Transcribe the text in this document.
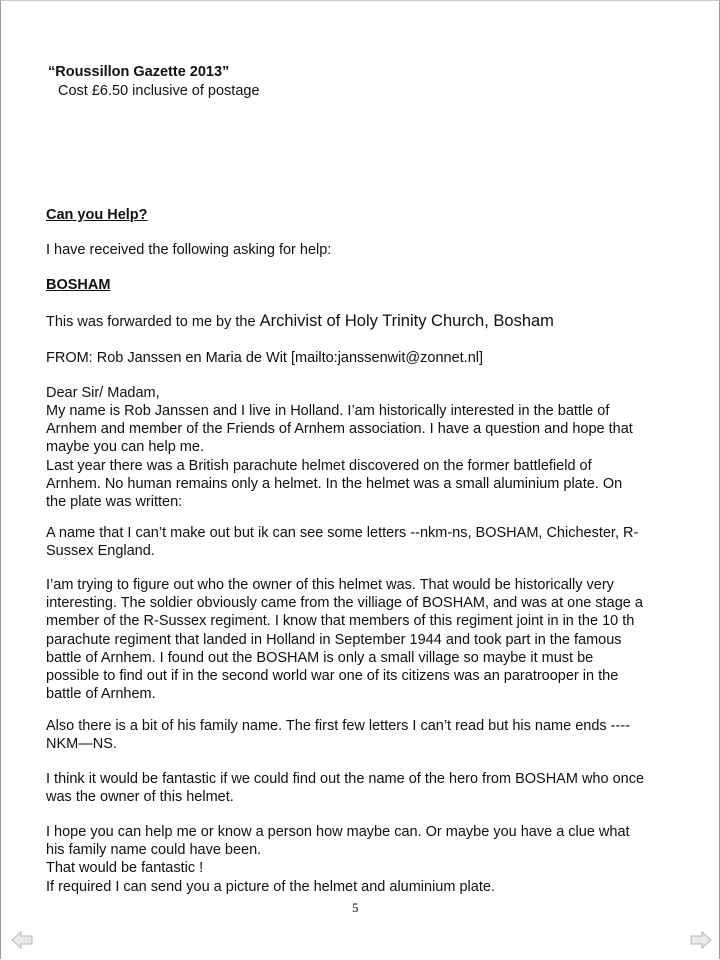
“Roussillon Gazette 2013”
Cost £6.50 inclusive of postage
Can you Help?
I have received the following asking for help:
BOSHAM
This was forwarded to me by the Archivist of Holy Trinity Church, Bosham
FROM: Rob Janssen en Maria de Wit [mailto:janssenwit@zonnet.nl]
Dear Sir/ Madam,
My name is Rob Janssen and I live in Holland. I’am historically interested in the battle of
Arnhem and member of the Friends of Arnhem association. I have a question and hope that
maybe you can help me.
Last year there was a British parachute helmet discovered on the former battlefield of
Arnhem. No human remains only a helmet. In the helmet was a small aluminium plate. On
the plate was written:
A name that I can’t make out but ik can see some letters --nkm-ns, BOSHAM, Chichester, R-
Sussex England.
I’am trying to figure out who the owner of this helmet was. That would be historically very
interesting. The soldier obviously came from the villiage of BOSHAM, and was at one stage a
member of the R-Sussex regiment. I know that members of this regiment joint in in the 10 th
parachute regiment that landed in Holland in September 1944 and took part in the famous
battle of Arnhem. I found out the BOSHAM is only a small village so maybe it must be
possible to find out if in the second world war one of its citizens was an paratrooper in the
battle of Arnhem.
Also there is a bit of his family name. The first few letters I can’t read but his name ends ----
NKM—NS.
I think it would be fantastic if we could find out the name of the hero from BOSHAM who once
was the owner of this helmet.
I hope you can help me or know a person how maybe can. Or maybe you have a clue what
his family name could have been.
That would be fantastic !
If required I can send you a picture of the helmet and aluminium plate.
5
